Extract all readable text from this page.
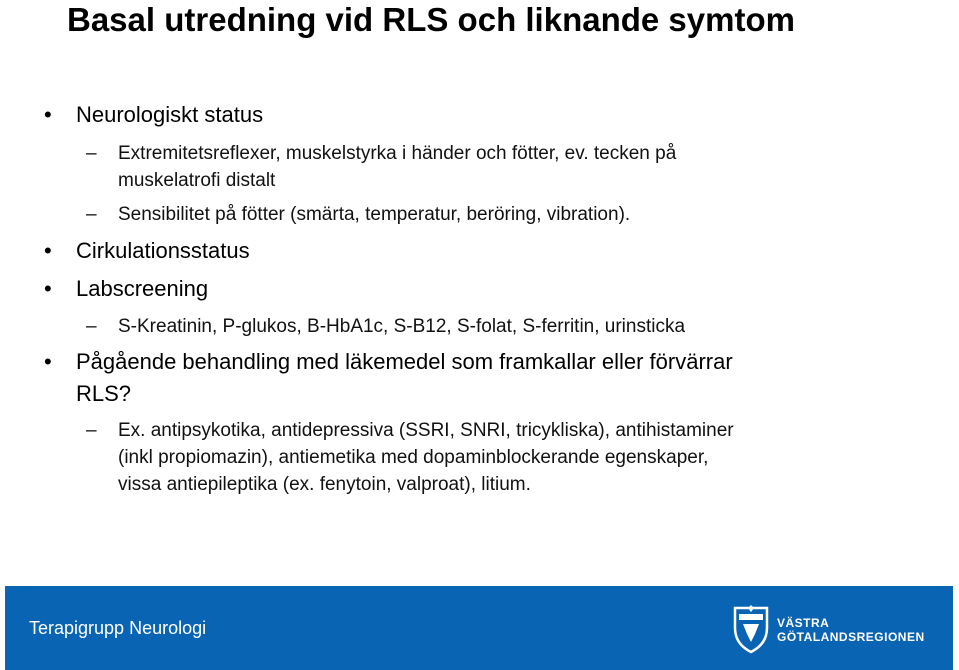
Basal utredning vid RLS och liknande symtom
• Neurologiskt status
– Extremitetsreflexer, muskelstyrka i händer och fötter, ev. tecken på
muskelatrofi distalt
– Sensibilitet på fötter (smärta, temperatur, beröring, vibration).
• Cirkulationsstatus
• Labscreening
– S-Kreatinin, P-glukos, B-HbA1c, S-B12, S-folat, S-ferritin, urinsticka
• Pågående behandling med läkemedel som framkallar eller förvärrar
RLS?
– Ex. antipsykotika, antidepressiva (SSRI, SNRI, tricykliska), antihistaminer
(inkl propiomazin), antiemetika med dopaminblockerande egenskaper,
vissa antiepileptika (ex. fenytoin, valproat), litium.
Terapigrupp Neurologi	VÄSTRA
GÖTALANDSREGIONEN
